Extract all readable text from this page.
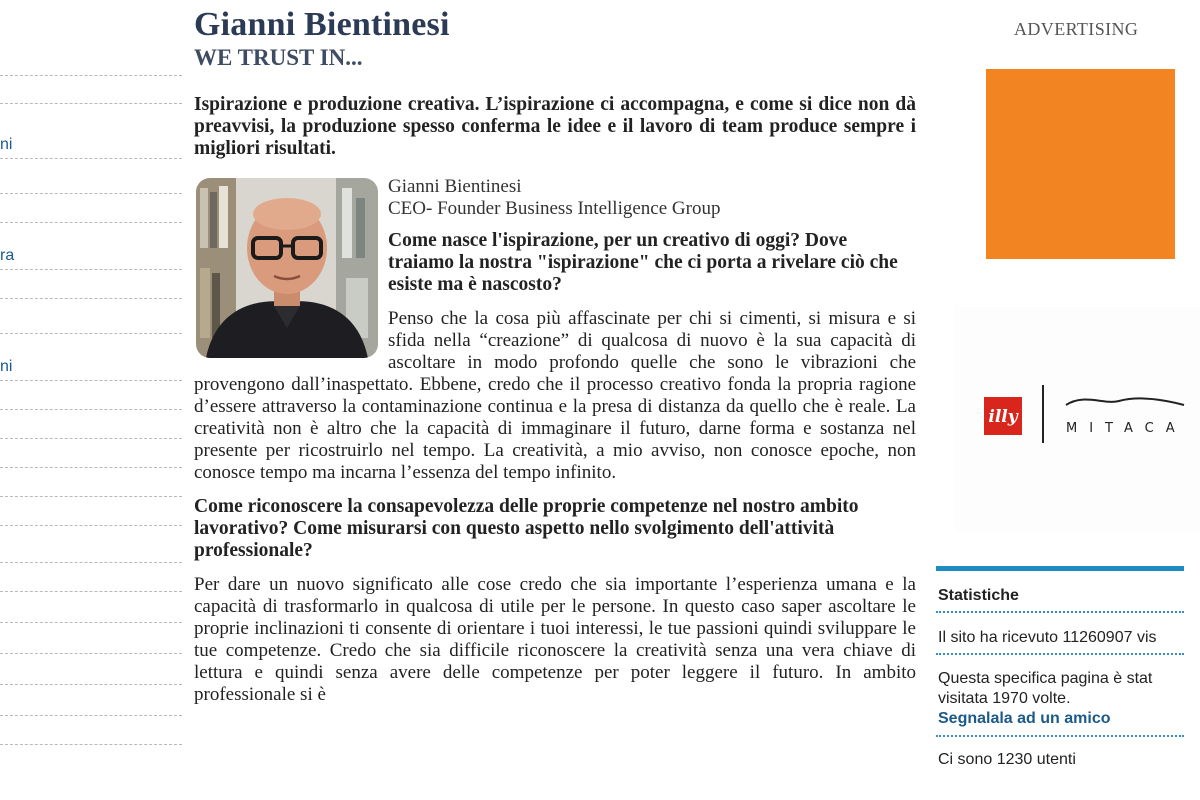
ni
ra
ni
Gianni Bientinesi
WE TRUST IN...

Ispirazione e produzione creativa. L’ispirazione ci accompagna, e come si dice non dà preavvisi, la produzione spesso conferma le idee e il lavoro di team produce sempre i migliori risultati.

Gianni Bientinesi

CEO- Founder Business Intelligence Group

Come nasce l'ispirazione, per un creativo di oggi? Dove traiamo la nostra "ispirazione" che ci porta a rivelare ciò che esiste ma è nascosto?

Penso che la cosa più affascinate per chi si cimenti, si misura e si sfida nella “creazione” di qualcosa di nuovo è la sua capacità di ascoltare in modo profondo quelle che sono le vibrazioni che provengono dall’inaspettato. Ebbene, credo che il processo creativo fonda la propria ragione d’essere attraverso la contaminazione continua e la presa di distanza da quello che è reale. La creatività non è altro che la capacità di immaginare il futuro, darne forma e sostanza nel presente per ricostruirlo nel tempo. La creatività, a mio avviso, non conosce epoche, non conosce tempo ma incarna l’essenza del tempo infinito.

Come riconoscere la consapevolezza delle proprie competenze nel nostro ambito lavorativo? Come misurarsi con questo aspetto nello svolgimento dell'attività professionale?

Per dare un nuovo significato alle cose credo che sia importante l’esperienza umana e la capacità di trasformarlo in qualcosa di utile per le persone. In questo caso saper ascoltare le proprie inclinazioni ti consente di orientare i tuoi interessi, le tue passioni quindi sviluppare le tue competenze. Credo che sia difficile riconoscere la creatività senza una vera chiave di lettura e quindi senza avere delle competenze per poter leggere il futuro. In ambito professionale si è

ADVERTISING
illy
MITACA
Statistiche
Il sito ha ricevuto 11260907 vis
Questa specifica pagina è stat
visitata 1970 volte.
Segnalala ad un amico
Ci sono 1230 utenti
